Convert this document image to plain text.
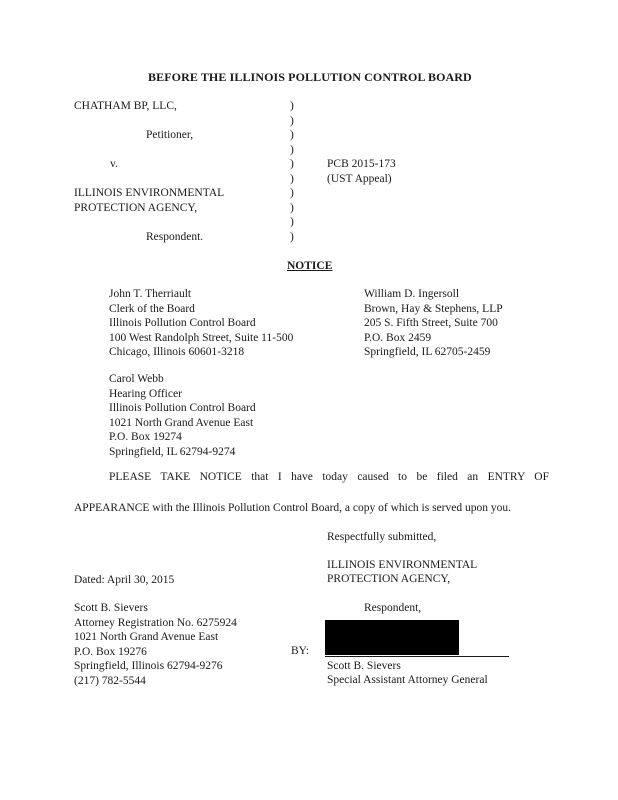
BEFORE THE ILLINOIS POLLUTION CONTROL BOARD
CHATHAM BP, LLC,
Petitioner,
v.
ILLINOIS ENVIRONMENTAL
PROTECTION AGENCY,
Respondent.
)
)
)
)
)
)
)
)
)
)
PCB 2015-173
(UST Appeal)
NOTICE
John T. Therriault
Clerk of the Board
Illinois Pollution Control Board
100 West Randolph Street, Suite 11-500
Chicago, Illinois 60601-3218
William D. Ingersoll
Brown, Hay & Stephens, LLP
205 S. Fifth Street, Suite 700
P.O. Box 2459
Springfield, IL 62705-2459
Carol Webb
Hearing Officer
Illinois Pollution Control Board
1021 North Grand Avenue East
P.O. Box 19274
Springfield, IL 62794-9274
PLEASE TAKE NOTICE that I have today caused to be filed an ENTRY OF
APPEARANCE with the Illinois Pollution Control Board, a copy of which is served upon you.
Respectfully submitted,
ILLINOIS ENVIRONMENTAL
PROTECTION AGENCY,
Dated: April 30, 2015
Respondent,
Scott B. Sievers
Attorney Registration No. 6275924
1021 North Grand Avenue East
P.O. Box 19276
Springfield, Illinois 62794-9276
(217) 782-5544
BY:
Scott B. Sievers
Special Assistant Attorney General
